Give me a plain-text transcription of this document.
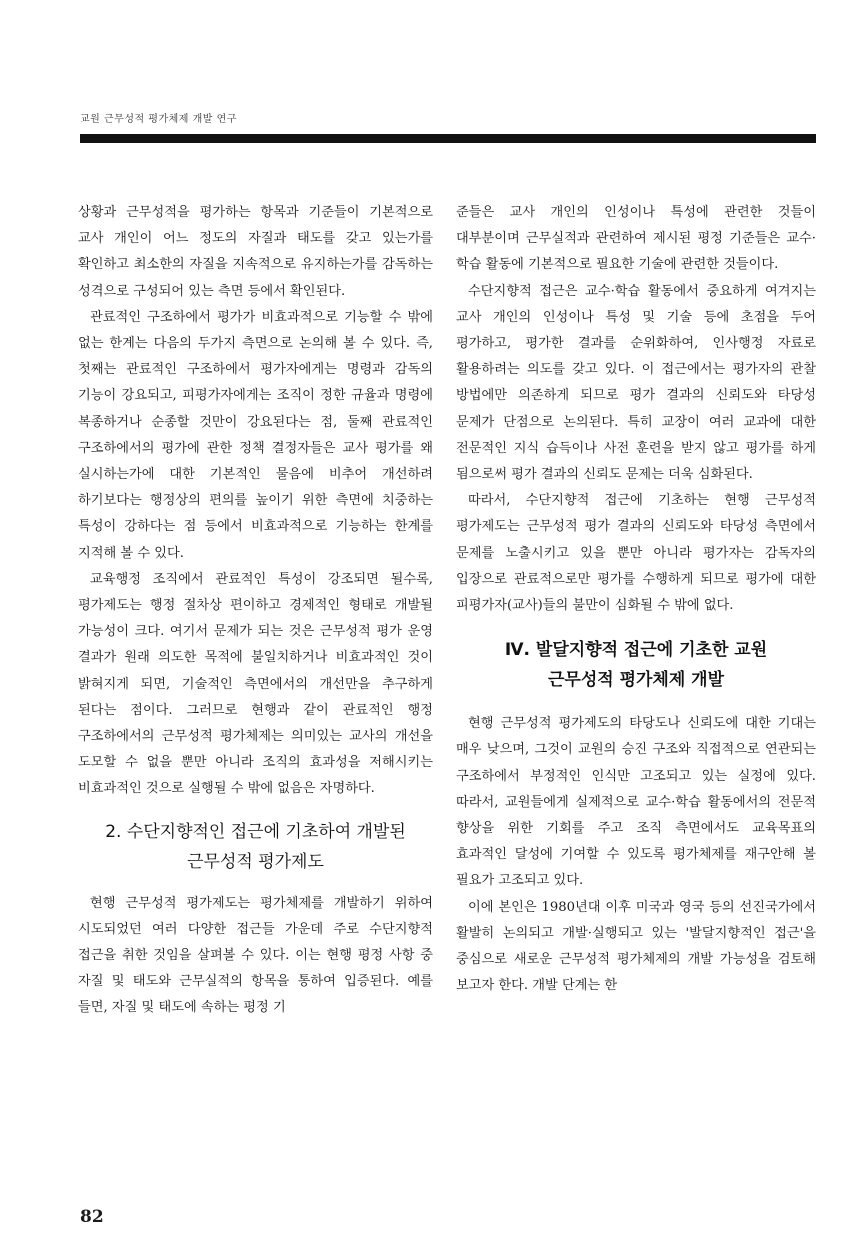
교원 근무성적 평가체제 개발 연구

상황과 근무성적을 평가하는 항목과 기준들이 기본적으로 교사 개인이 어느 정도의 자질과 태도를 갖고 있는가를 확인하고 최소한의 자질을 지속적으로 유지하는가를 감독하는 성격으로 구성되어 있는 측면 등에서 확인된다.

관료적인 구조하에서 평가가 비효과적으로 기능할 수 밖에 없는 한계는 다음의 두가지 측면으로 논의해 볼 수 있다. 즉, 첫째는 관료적인 구조하에서 평가자에게는 명령과 감독의 기능이 강요되고, 피평가자에게는 조직이 정한 규율과 명령에 복종하거나 순종할 것만이 강요된다는 점, 둘째 관료적인 구조하에서의 평가에 관한 정책 결정자들은 교사 평가를 왜 실시하는가에 대한 기본적인 물음에 비추어 개선하려 하기보다는 행정상의 편의를 높이기 위한 측면에 치중하는 특성이 강하다는 점 등에서 비효과적으로 기능하는 한계를 지적해 볼 수 있다.

교육행정 조직에서 관료적인 특성이 강조되면 될수록, 평가제도는 행정 절차상 편이하고 경제적인 형태로 개발될 가능성이 크다. 여기서 문제가 되는 것은 근무성적 평가 운영 결과가 원래 의도한 목적에 불일치하거나 비효과적인 것이 밝혀지게 되면, 기술적인 측면에서의 개선만을 추구하게 된다는 점이다. 그러므로 현행과 같이 관료적인 행정 구조하에서의 근무성적 평가체제는 의미있는 교사의 개선을 도모할 수 없을 뿐만 아니라 조직의 효과성을 저해시키는 비효과적인 것으로 실행될 수 밖에 없음은 자명하다.

2. 수단지향적인 접근에 기초하여 개발된
근무성적 평가제도

현행 근무성적 평가제도는 평가체제를 개발하기 위하여 시도되었던 여러 다양한 접근들 가운데 주로 수단지향적 접근을 취한 것임을 살펴볼 수 있다. 이는 현행 평정 사항 중 자질 및 태도와 근무실적의 항목을 통하여 입증된다. 예를 들면, 자질 및 태도에 속하는 평정 기

준들은 교사 개인의 인성이나 특성에 관련한 것들이 대부분이며 근무실적과 관련하여 제시된 평정 기준들은 교수·학습 활동에 기본적으로 필요한 기술에 관련한 것들이다.

수단지향적 접근은 교수·학습 활동에서 중요하게 여겨지는 교사 개인의 인성이나 특성 및 기술 등에 초점을 두어 평가하고, 평가한 결과를 순위화하여, 인사행정 자료로 활용하려는 의도를 갖고 있다. 이 접근에서는 평가자의 관찰 방법에만 의존하게 되므로 평가 결과의 신뢰도와 타당성 문제가 단점으로 논의된다. 특히 교장이 여러 교과에 대한 전문적인 지식 습득이나 사전 훈련을 받지 않고 평가를 하게 됨으로써 평가 결과의 신뢰도 문제는 더욱 심화된다.

따라서, 수단지향적 접근에 기초하는 현행 근무성적 평가제도는 근무성적 평가 결과의 신뢰도와 타당성 측면에서 문제를 노출시키고 있을 뿐만 아니라 평가자는 감독자의 입장으로 관료적으로만 평가를 수행하게 되므로 평가에 대한 피평가자(교사)들의 불만이 심화될 수 밖에 없다.

Ⅳ. 발달지향적 접근에 기초한 교원
근무성적 평가체제 개발

현행 근무성적 평가제도의 타당도나 신뢰도에 대한 기대는 매우 낮으며, 그것이 교원의 승진 구조와 직접적으로 연관되는 구조하에서 부정적인 인식만 고조되고 있는 실정에 있다. 따라서, 교원들에게 실제적으로 교수·학습 활동에서의 전문적 향상을 위한 기회를 주고 조직 측면에서도 교육목표의 효과적인 달성에 기여할 수 있도록 평가체제를 재구안해 볼 필요가 고조되고 있다.

이에 본인은 1980년대 이후 미국과 영국 등의 선진국가에서 활발히 논의되고 개발·실행되고 있는 '발달지향적인 접근'을 중심으로 새로운 근무성적 평가체제의 개발 가능성을 검토해 보고자 한다. 개발 단계는 한

82
